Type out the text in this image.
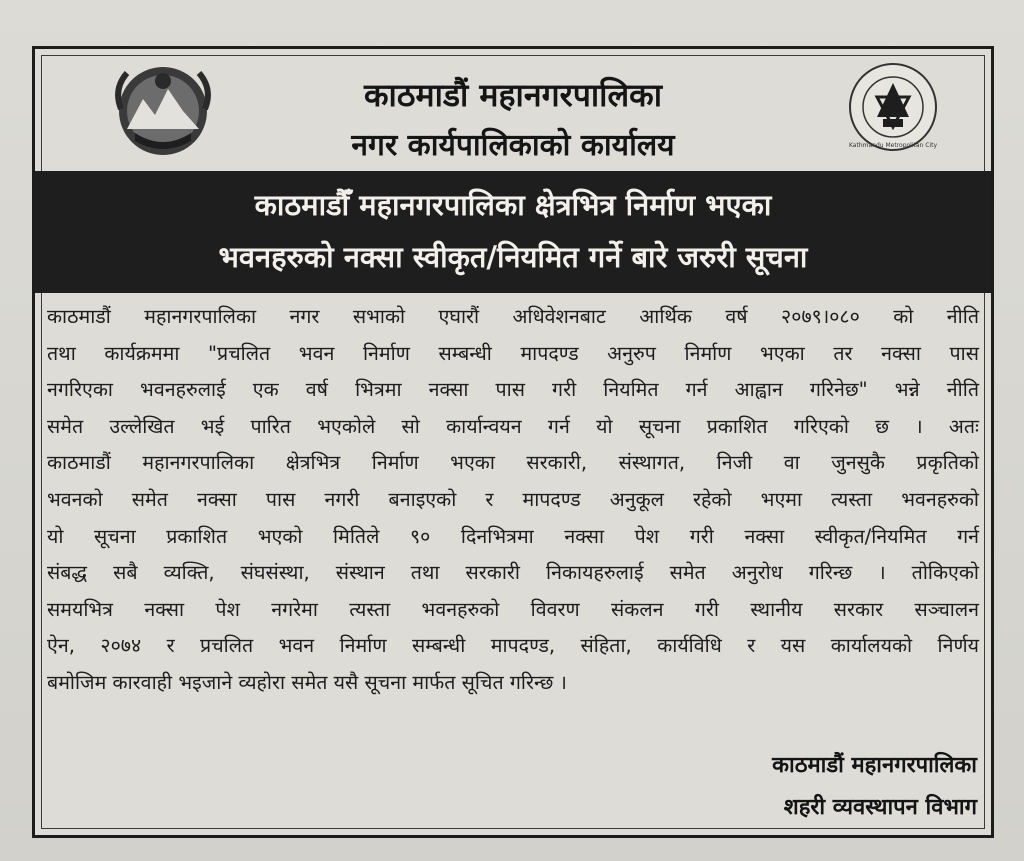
काठमाडौं महानगरपालिका
नगर कार्यपालिकाको कार्यालय	Kathmandu Metropolitan City
काठमाडौँ महानगरपालिका क्षेत्रभित्र निर्माण भएका
भवनहरुको नक्सा स्वीकृत/नियमित गर्ने बारे जरुरी सूचना
काठमाडौं महानगरपालिका नगर सभाको एघारौं अधिवेशनबाट आर्थिक वर्ष २०७९।०८० को नीति
तथा कार्यक्रममा "प्रचलित भवन निर्माण सम्बन्धी मापदण्ड अनुरुप निर्माण भएका तर नक्सा पास
नगरिएका भवनहरुलाई एक वर्ष भित्रमा नक्सा पास गरी नियमित गर्न आह्वान गरिनेछ" भन्ने नीति
समेत उल्लेखित भई पारित भएकोले सो कार्यान्वयन गर्न यो सूचना प्रकाशित गरिएको छ । अतः
काठमाडौं महानगरपालिका क्षेत्रभित्र निर्माण भएका सरकारी, संस्थागत, निजी वा जुनसुकै प्रकृतिको
भवनको समेत नक्सा पास नगरी बनाइएको र मापदण्ड अनुकूल रहेको भएमा त्यस्ता भवनहरुको
यो सूचना प्रकाशित भएको मितिले ९० दिनभित्रमा नक्सा पेश गरी नक्सा स्वीकृत/नियमित गर्न
संबद्ध सबै व्यक्ति, संघसंस्था, संस्थान तथा सरकारी निकायहरुलाई समेत अनुरोध गरिन्छ । तोकिएको
समयभित्र नक्सा पेश नगरेमा त्यस्ता भवनहरुको विवरण संकलन गरी स्थानीय सरकार सञ्चालन
ऐन, २०७४ र प्रचलित भवन निर्माण सम्बन्धी मापदण्ड, संहिता, कार्यविधि र यस कार्यालयको निर्णय
बमोजिम कारवाही भइजाने व्यहोरा समेत यसै सूचना मार्फत सूचित गरिन्छ ।
काठमाडौं महानगरपालिका
शहरी व्यवस्थापन विभाग
